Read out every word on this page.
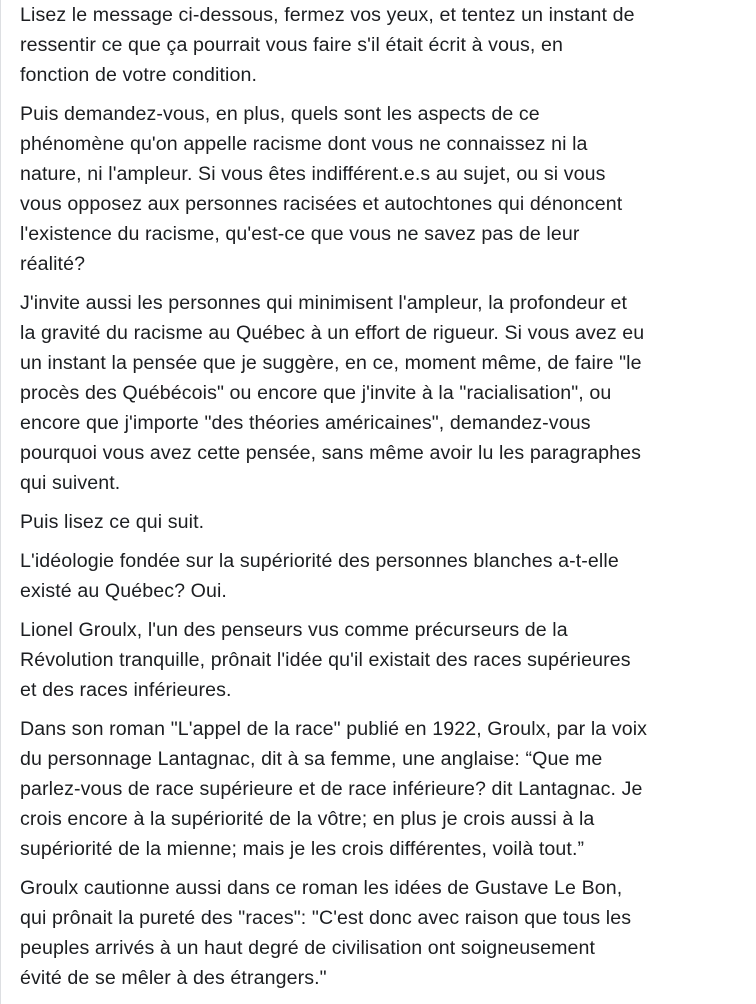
Lisez le message ci-dessous, fermez vos yeux, et tentez un instant de
ressentir ce que ça pourrait vous faire s'il était écrit à vous, en
fonction de votre condition.

Puis demandez-vous, en plus, quels sont les aspects de ce
phénomène qu'on appelle racisme dont vous ne connaissez ni la
nature, ni l'ampleur. Si vous êtes indifférent.e.s au sujet, ou si vous
vous opposez aux personnes racisées et autochtones qui dénoncent
l'existence du racisme, qu'est-ce que vous ne savez pas de leur
réalité?

J'invite aussi les personnes qui minimisent l'ampleur, la profondeur et
la gravité du racisme au Québec à un effort de rigueur. Si vous avez eu
un instant la pensée que je suggère, en ce, moment même, de faire "le
procès des Québécois" ou encore que j'invite à la "racialisation", ou
encore que j'importe "des théories américaines", demandez-vous
pourquoi vous avez cette pensée, sans même avoir lu les paragraphes
qui suivent.

Puis lisez ce qui suit.

L'idéologie fondée sur la supériorité des personnes blanches a-t-elle
existé au Québec? Oui.

Lionel Groulx, l'un des penseurs vus comme précurseurs de la
Révolution tranquille, prônait l'idée qu'il existait des races supérieures
et des races inférieures.

Dans son roman "L'appel de la race" publié en 1922, Groulx, par la voix
du personnage Lantagnac, dit à sa femme, une anglaise: “Que me
parlez-vous de race supérieure et de race inférieure? dit Lantagnac. Je
crois encore à la supériorité de la vôtre; en plus je crois aussi à la
supériorité de la mienne; mais je les crois différentes, voilà tout.”

Groulx cautionne aussi dans ce roman les idées de Gustave Le Bon,
qui prônait la pureté des "races": "C'est donc avec raison que tous les
peuples arrivés à un haut degré de civilisation ont soigneusement
évité de se mêler à des étrangers."
